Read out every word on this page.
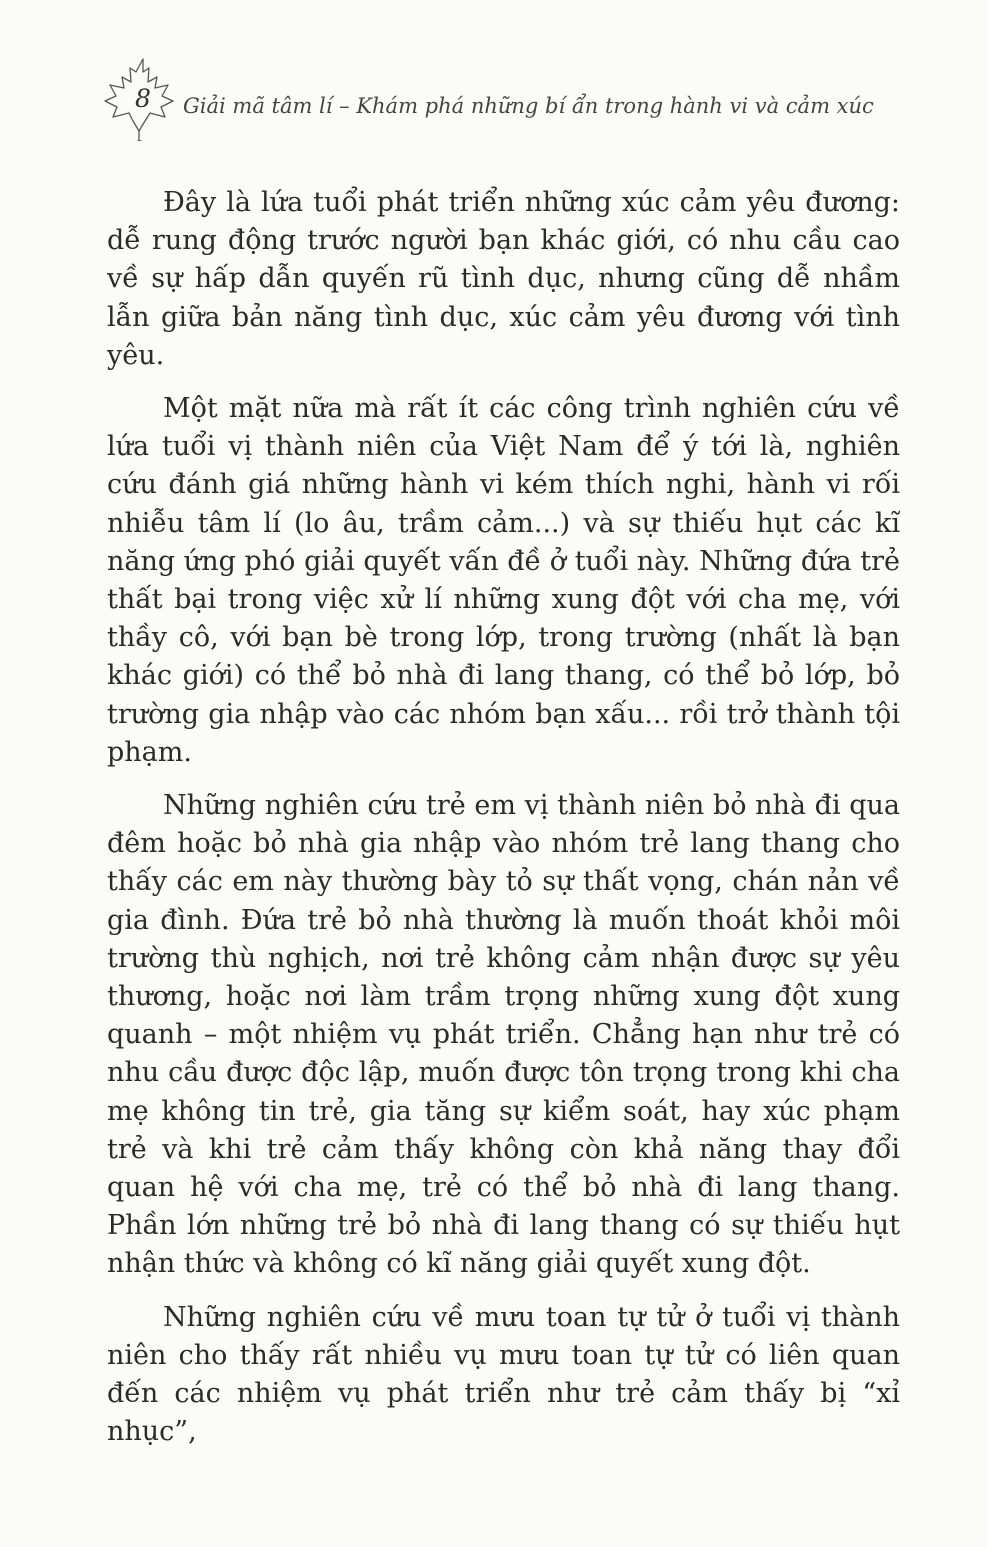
8 Giải mã tâm lí – Khám phá những bí ẩn trong hành vi và cảm xúc

Đây là lứa tuổi phát triển những xúc cảm yêu đương: dễ rung động trước người bạn khác giới, có nhu cầu cao về sự hấp dẫn quyến rũ tình dục, nhưng cũng dễ nhầm lẫn giữa bản năng tình dục, xúc cảm yêu đương với tình yêu.

Một mặt nữa mà rất ít các công trình nghiên cứu về lứa tuổi vị thành niên của Việt Nam để ý tới là, nghiên cứu đánh giá những hành vi kém thích nghi, hành vi rối nhiễu tâm lí (lo âu, trầm cảm...) và sự thiếu hụt các kĩ năng ứng phó giải quyết vấn đề ở tuổi này. Những đứa trẻ thất bại trong việc xử lí những xung đột với cha mẹ, với thầy cô, với bạn bè trong lớp, trong trường (nhất là bạn khác giới) có thể bỏ nhà đi lang thang, có thể bỏ lớp, bỏ trường gia nhập vào các nhóm bạn xấu... rồi trở thành tội phạm.

Những nghiên cứu trẻ em vị thành niên bỏ nhà đi qua đêm hoặc bỏ nhà gia nhập vào nhóm trẻ lang thang cho thấy các em này thường bày tỏ sự thất vọng, chán nản về gia đình. Đứa trẻ bỏ nhà thường là muốn thoát khỏi môi trường thù nghịch, nơi trẻ không cảm nhận được sự yêu thương, hoặc nơi làm trầm trọng những xung đột xung quanh – một nhiệm vụ phát triển. Chẳng hạn như trẻ có nhu cầu được độc lập, muốn được tôn trọng trong khi cha mẹ không tin trẻ, gia tăng sự kiểm soát, hay xúc phạm trẻ và khi trẻ cảm thấy không còn khả năng thay đổi quan hệ với cha mẹ, trẻ có thể bỏ nhà đi lang thang. Phần lớn những trẻ bỏ nhà đi lang thang có sự thiếu hụt nhận thức và không có kĩ năng giải quyết xung đột.

Những nghiên cứu về mưu toan tự tử ở tuổi vị thành niên cho thấy rất nhiều vụ mưu toan tự tử có liên quan đến các nhiệm vụ phát triển như trẻ cảm thấy bị “xỉ nhục”,
